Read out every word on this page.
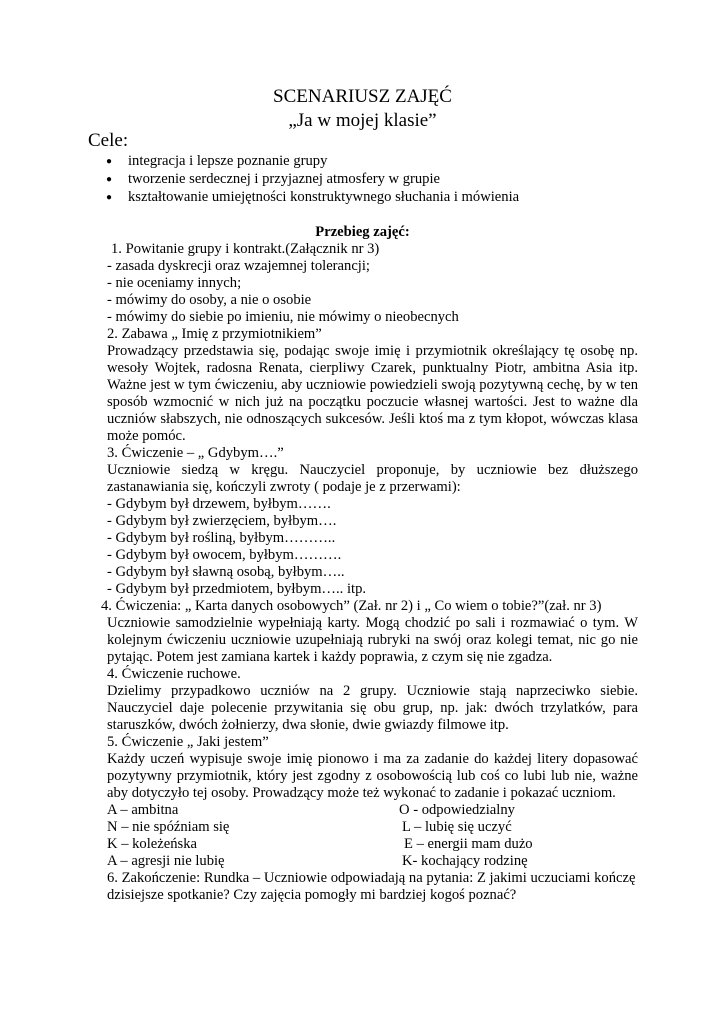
SCENARIUSZ ZAJĘĆ
„Ja w mojej klasie”
Cele:
● integracja i lepsze poznanie grupy
● tworzenie serdecznej i przyjaznej atmosfery w grupie
● kształtowanie umiejętności konstruktywnego słuchania i mówienia
Przebieg zajęć:
1. Powitanie grupy i kontrakt.(Załącznik nr 3)
- zasada dyskrecji oraz wzajemnej tolerancji;
- nie oceniamy innych;
- mówimy do osoby, a nie o osobie
- mówimy do siebie po imieniu, nie mówimy o nieobecnych
2. Zabawa „ Imię z przymiotnikiem”
Prowadzący przedstawia się, podając swoje imię i przymiotnik określający tę osobę np.
wesoły Wojtek, radosna Renata, cierpliwy Czarek, punktualny Piotr, ambitna Asia itp.
Ważne jest w tym ćwiczeniu, aby uczniowie powiedzieli swoją pozytywną cechę, by w ten
sposób wzmocnić w nich już na początku poczucie własnej wartości. Jest to ważne dla
uczniów słabszych, nie odnoszących sukcesów. Jeśli ktoś ma z tym kłopot, wówczas klasa
może pomóc.
3. Ćwiczenie – „ Gdybym….”
Uczniowie siedzą w kręgu. Nauczyciel proponuje, by uczniowie bez dłuższego
zastanawiania się, kończyli zwroty ( podaje je z przerwami):
- Gdybym był drzewem, byłbym…….
- Gdybym był zwierzęciem, byłbym….
- Gdybym był rośliną, byłbym………..
- Gdybym był owocem, byłbym……….
- Gdybym był sławną osobą, byłbym…..
- Gdybym był przedmiotem, byłbym….. itp.
4. Ćwiczenia: „ Karta danych osobowych” (Zał. nr 2) i „ Co wiem o tobie?”(zał. nr 3)
Uczniowie samodzielnie wypełniają karty. Mogą chodzić po sali i rozmawiać o tym. W
kolejnym ćwiczeniu uczniowie uzupełniają rubryki na swój oraz kolegi temat, nic go nie
pytając. Potem jest zamiana kartek i każdy poprawia, z czym się nie zgadza.
4. Ćwiczenie ruchowe.
Dzielimy przypadkowo uczniów na 2 grupy. Uczniowie stają naprzeciwko siebie.
Nauczyciel daje polecenie przywitania się obu grup, np. jak: dwóch trzylatków, para
staruszków, dwóch żołnierzy, dwa słonie, dwie gwiazdy filmowe itp.
5. Ćwiczenie „ Jaki jestem”
Każdy uczeń wypisuje swoje imię pionowo i ma za zadanie do każdej litery dopasować
pozytywny przymiotnik, który jest zgodny z osobowością lub coś co lubi lub nie, ważne
aby dotyczyło tej osoby. Prowadzący może też wykonać to zadanie i pokazać uczniom.
A – ambitna	O - odpowiedzialny
N – nie spóźniam się	L – lubię się uczyć
K – koleżeńska	E – energii mam dużo
A – agresji nie lubię	K- kochający rodzinę
6. Zakończenie: Rundka – Uczniowie odpowiadają na pytania: Z jakimi uczuciami kończę
dzisiejsze spotkanie? Czy zajęcia pomogły mi bardziej kogoś poznać?
